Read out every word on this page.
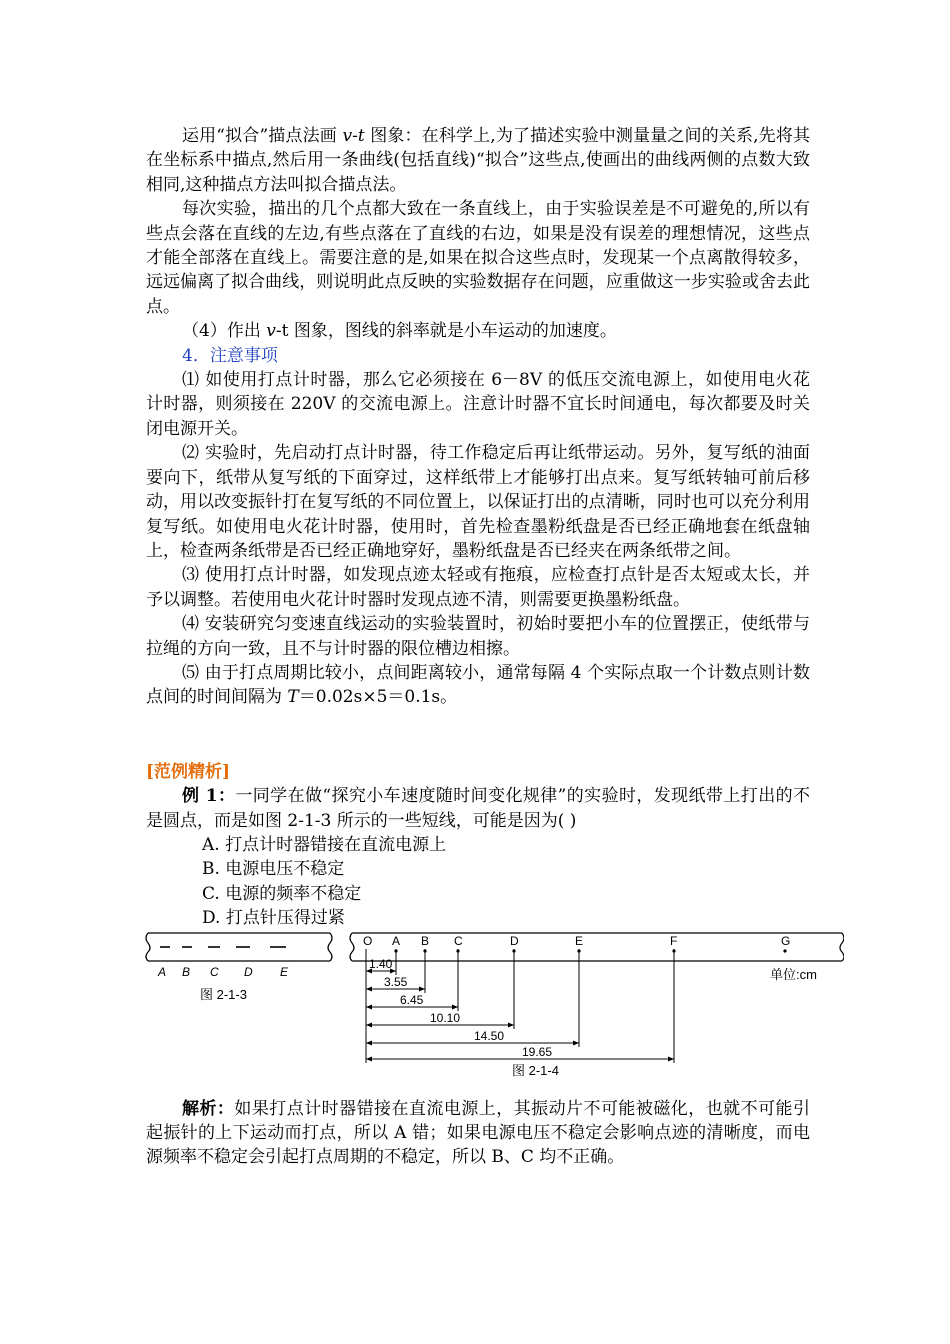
运用“拟合”描点法画 v-t 图象：在科学上,为了描述实验中测量量之间的关系,先将其在坐标系中描点,然后用一条曲线(包括直线)“拟合”这些点,使画出的曲线两侧的点数大致相同,这种描点方法叫拟合描点法。

每次实验，描出的几个点都大致在一条直线上，由于实验误差是不可避免的,所以有些点会落在直线的左边,有些点落在了直线的右边，如果是没有误差的理想情况，这些点才能全部落在直线上。需要注意的是,如果在拟合这些点时，发现某一个点离散得较多，远远偏离了拟合曲线，则说明此点反映的实验数据存在问题，应重做这一步实验或舍去此点。

（4）作出 v-t 图象，图线的斜率就是小车运动的加速度。

4．注意事项

⑴ 如使用打点计时器，那么它必须接在 6－8V 的低压交流电源上，如使用电火花计时器，则须接在 220V 的交流电源上。注意计时器不宜长时间通电，每次都要及时关闭电源开关。

⑵ 实验时，先启动打点计时器，待工作稳定后再让纸带运动。另外，复写纸的油面要向下，纸带从复写纸的下面穿过，这样纸带上才能够打出点来。复写纸转轴可前后移动，用以改变振针打在复写纸的不同位置上，以保证打出的点清晰，同时也可以充分利用复写纸。如使用电火花计时器，使用时，首先检查墨粉纸盘是否已经正确地套在纸盘轴上，检查两条纸带是否已经正确地穿好，墨粉纸盘是否已经夹在两条纸带之间。

⑶ 使用打点计时器，如发现点迹太轻或有拖痕，应检查打点针是否太短或太长，并予以调整。若使用电火花计时器时发现点迹不清，则需要更换墨粉纸盘。

⑷ 安装研究匀变速直线运动的实验装置时，初始时要把小车的位置摆正，使纸带与拉绳的方向一致，且不与计时器的限位槽边相擦。

⑸ 由于打点周期比较小，点间距离较小，通常每隔 4 个实际点取一个计数点则计数点间的时间间隔为 T＝0.02s×5＝0.1s。

[范例精析]

例 1：一同学在做“探究小车速度随时间变化规律”的实验时，发现纸带上打出的不是圆点，而是如图 2-1-3 所示的一些短线，可能是因为( )

A. 打点计时器错接在直流电源上

B. 电源电压不稳定

C. 电源的频率不稳定

D. 打点针压得过紧

A B C D E
图 2-1-3
O A B C	D	E	F	G
单位:cm
1.40
3.55
6.45
10.10
14.50
19.65
图 2-1-4

解析：如果打点计时器错接在直流电源上，其振动片不可能被磁化，也就不可能引起振针的上下运动而打点，所以 A 错；如果电源电压不稳定会影响点迹的清晰度，而电源频率不稳定会引起打点周期的不稳定，所以 B、C 均不正确。
